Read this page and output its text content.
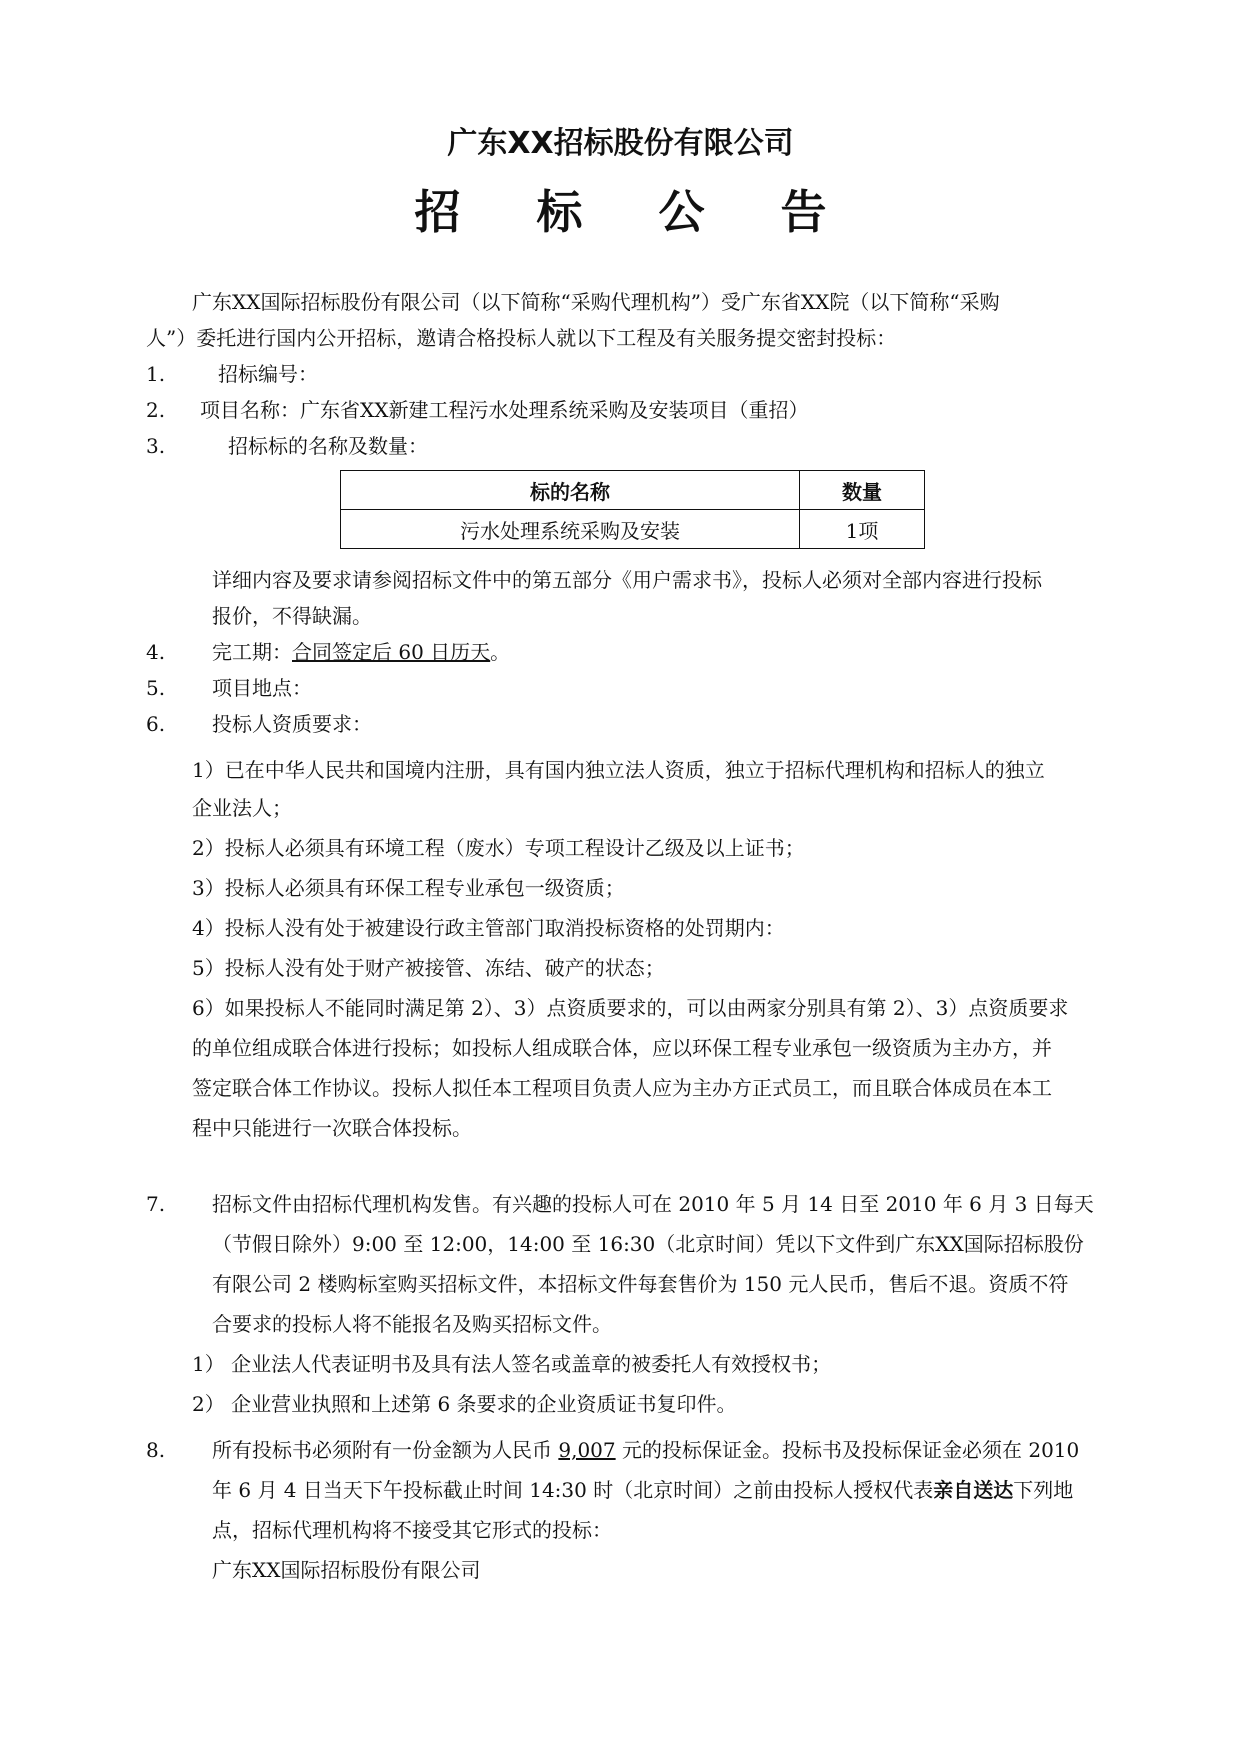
广东XX招标股份有限公司
招 标 公 告
广东XX国际招标股份有限公司（以下简称“采购代理机构”）受广东省XX院（以下简称“采购
人”）委托进行国内公开招标，邀请合格投标人就以下工程及有关服务提交密封投标：
1.	招标编号：
2. 项目名称：广东省XX新建工程污水处理系统采购及安装项目（重招）
3.	招标标的名称及数量：
标的名称	数量
污水处理系统采购及安装	1项
详细内容及要求请参阅招标文件中的第五部分《用户需求书》，投标人必须对全部内容进行投标
报价，不得缺漏。
4. 完工期：合同签定后 60 日历天。
5. 项目地点：
6. 投标人资质要求：
1）已在中华人民共和国境内注册，具有国内独立法人资质，独立于招标代理机构和招标人的独立
企业法人；
2）投标人必须具有环境工程（废水）专项工程设计乙级及以上证书；
3）投标人必须具有环保工程专业承包一级资质；
4）投标人没有处于被建设行政主管部门取消投标资格的处罚期内：
5）投标人没有处于财产被接管、冻结、破产的状态；
6）如果投标人不能同时满足第 2）、3）点资质要求的，可以由两家分别具有第 2）、3）点资质要求
的单位组成联合体进行投标；如投标人组成联合体，应以环保工程专业承包一级资质为主办方，并
签定联合体工作协议。投标人拟任本工程项目负责人应为主办方正式员工，而且联合体成员在本工
程中只能进行一次联合体投标。
7. 招标文件由招标代理机构发售。有兴趣的投标人可在 2010 年 5 月 14 日至 2010 年 6 月 3 日每天
（节假日除外）9:00 至 12:00，14:00 至 16:30（北京时间）凭以下文件到广东XX国际招标股份
有限公司 2 楼购标室购买招标文件，本招标文件每套售价为 150 元人民币，售后不退。资质不符
合要求的投标人将不能报名及购买招标文件。
1） 企业法人代表证明书及具有法人签名或盖章的被委托人有效授权书；
2） 企业营业执照和上述第 6 条要求的企业资质证书复印件。
8. 所有投标书必须附有一份金额为人民币 9,007 元的投标保证金。投标书及投标保证金必须在 2010
年 6 月 4 日当天下午投标截止时间 14:30 时（北京时间）之前由投标人授权代表亲自送达下列地
点，招标代理机构将不接受其它形式的投标：
广东XX国际招标股份有限公司
